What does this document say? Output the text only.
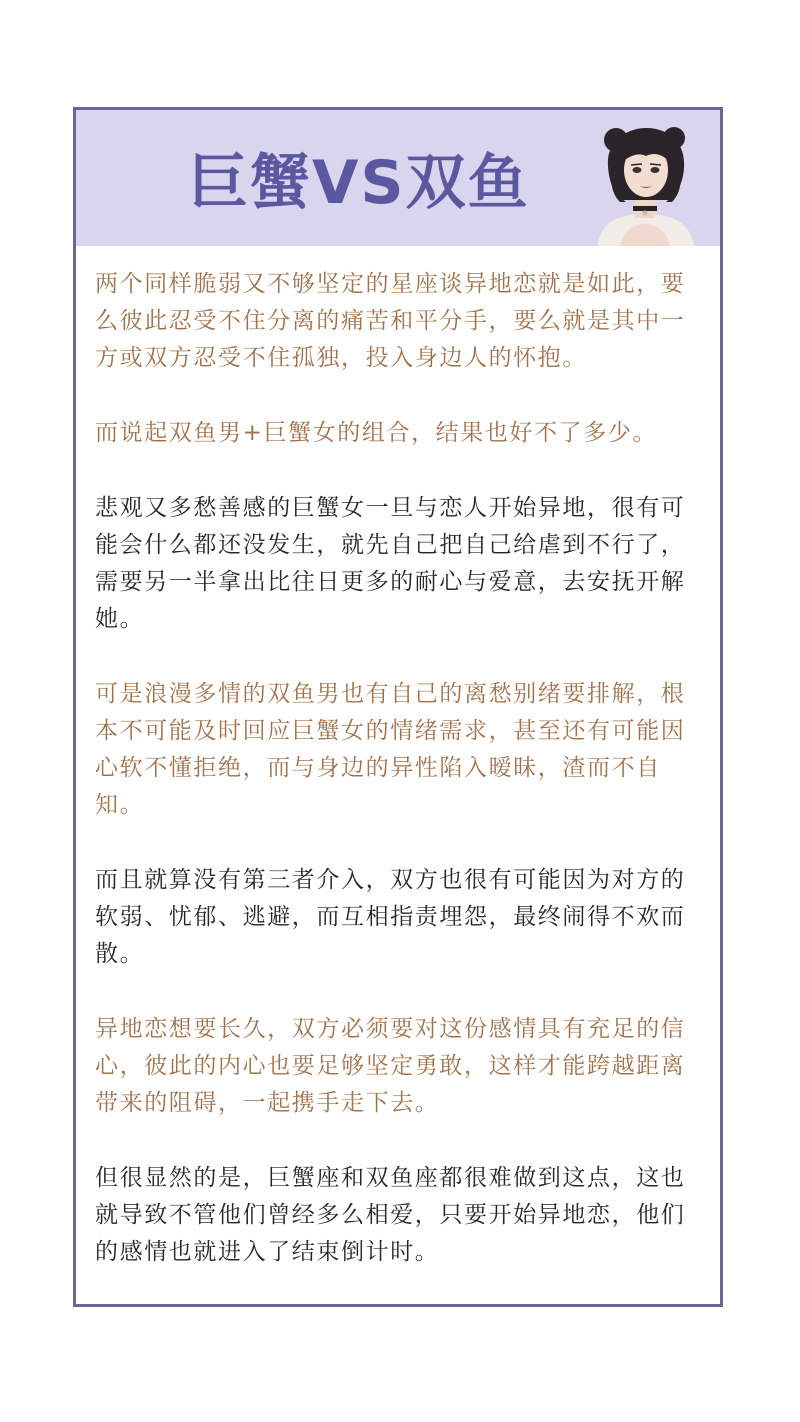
巨蟹VS双鱼

两个同样脆弱又不够坚定的星座谈异地恋就是如此，要么彼此忍受不住分离的痛苦和平分手，要么就是其中一方或双方忍受不住孤独，投入身边人的怀抱。

而说起双鱼男+巨蟹女的组合，结果也好不了多少。

悲观又多愁善感的巨蟹女一旦与恋人开始异地，很有可能会什么都还没发生，就先自己把自己给虐到不行了，需要另一半拿出比往日更多的耐心与爱意，去安抚开解她。

可是浪漫多情的双鱼男也有自己的离愁别绪要排解，根本不可能及时回应巨蟹女的情绪需求，甚至还有可能因心软不懂拒绝，而与身边的异性陷入暧昧，渣而不自知。

而且就算没有第三者介入，双方也很有可能因为对方的软弱、忧郁、逃避，而互相指责埋怨，最终闹得不欢而散。

异地恋想要长久，双方必须要对这份感情具有充足的信心，彼此的内心也要足够坚定勇敢，这样才能跨越距离带来的阻碍，一起携手走下去。

但很显然的是，巨蟹座和双鱼座都很难做到这点，这也就导致不管他们曾经多么相爱，只要开始异地恋，他们的感情也就进入了结束倒计时。
